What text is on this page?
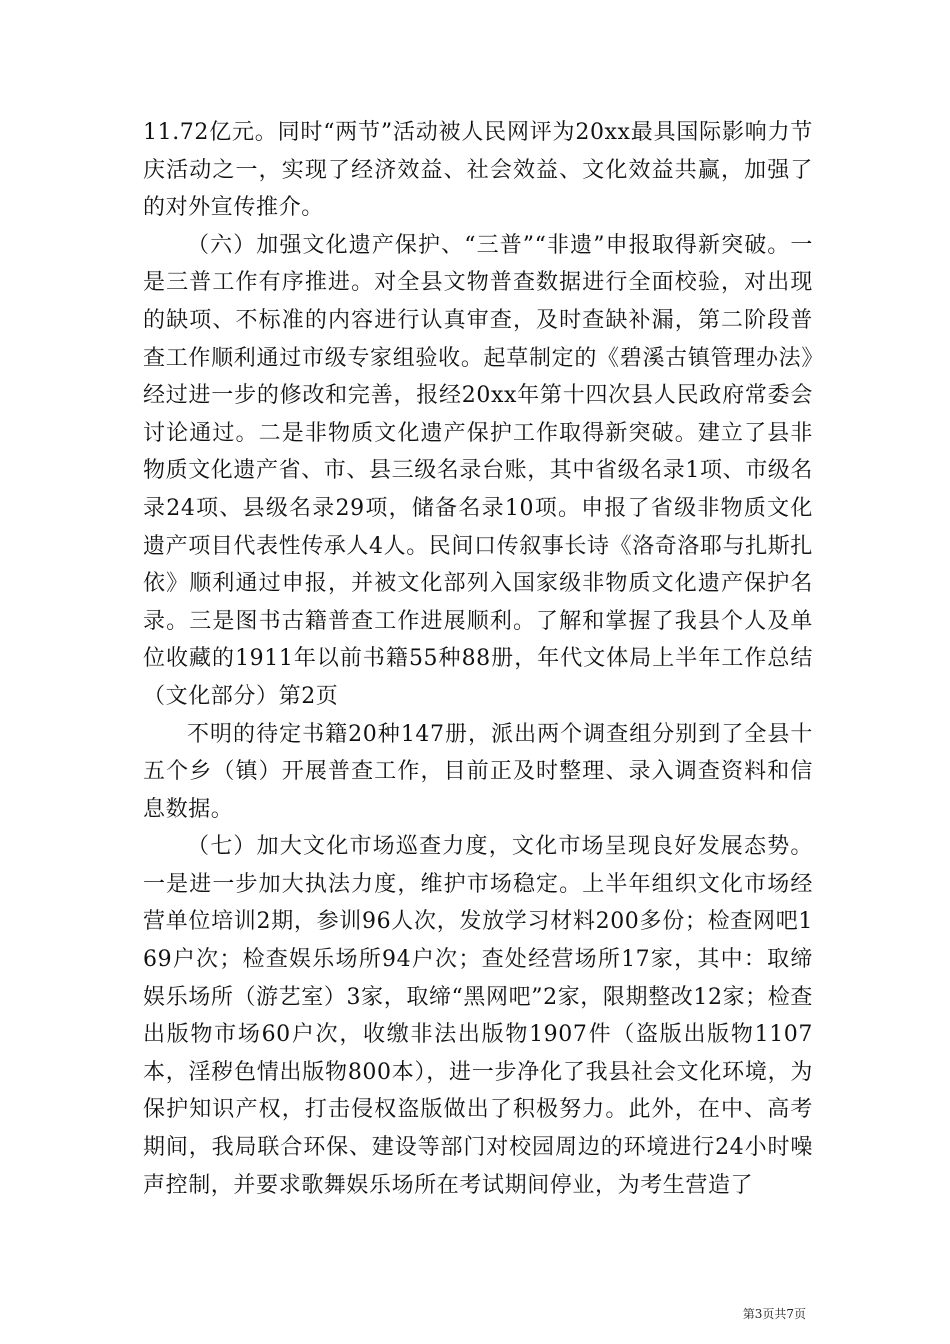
11.72亿元。同时“两节”活动被人民网评为20xx最具国际影响力节庆活动之一，实现了经济效益、社会效益、文化效益共赢，加强了的对外宣传推介。

（六）加强文化遗产保护、“三普”“非遗”申报取得新突破。一是三普工作有序推进。对全县文物普查数据进行全面校验，对出现的缺项、不标准的内容进行认真审查，及时查缺补漏，第二阶段普查工作顺利通过市级专家组验收。起草制定的《碧溪古镇管理办法》经过进一步的修改和完善，报经20xx年第十四次县人民政府常委会讨论通过。二是非物质文化遗产保护工作取得新突破。建立了县非物质文化遗产省、市、县三级名录台账，其中省级名录1项、市级名录24项、县级名录29项，储备名录10项。申报了省级非物质文化遗产项目代表性传承人4人。民间口传叙事长诗《洛奇洛耶与扎斯扎依》顺利通过申报，并被文化部列入国家级非物质文化遗产保护名录。三是图书古籍普查工作进展顺利。了解和掌握了我县个人及单位收藏的1911年以前书籍55种88册，年代文体局上半年工作总结（文化部分）第2页

不明的待定书籍20种147册，派出两个调查组分别到了全县十五个乡（镇）开展普查工作，目前正及时整理、录入调查资料和信息数据。

（七）加大文化市场巡查力度，文化市场呈现良好发展态势。一是进一步加大执法力度，维护市场稳定。上半年组织文化市场经营单位培训2期，参训96人次，发放学习材料200多份；检查网吧169户次；检查娱乐场所94户次；查处经营场所17家，其中：取缔娱乐场所（游艺室）3家，取缔“黑网吧”2家，限期整改12家；检查出版物市场60户次，收缴非法出版物1907件（盗版出版物1107本，淫秽色情出版物800本），进一步净化了我县社会文化环境，为保护知识产权，打击侵权盗版做出了积极努力。此外，在中、高考期间，我局联合环保、建设等部门对校园周边的环境进行24小时噪声控制，并要求歌舞娱乐场所在考试期间停业，为考生营造了

第3页共7页
